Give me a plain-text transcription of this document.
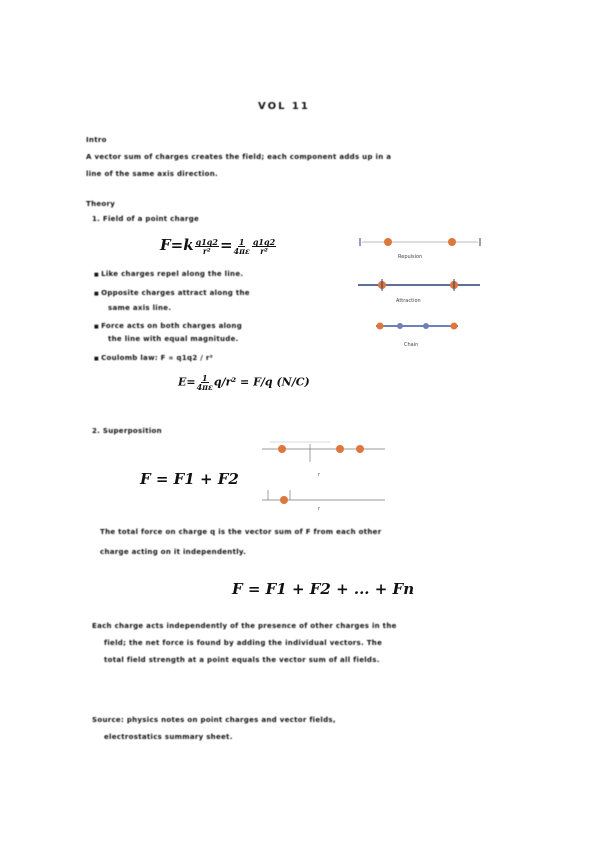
VOL 11
Intro
A vector sum of charges creates the field; each component adds up in a
line of the same axis direction.
Theory
1. Field of a point charge
$F=k \frac{q1q2}{\text{r²}} = \frac{1}{4\pi\varepsilon} \frac{q1q2}{\text{r²}}$
■ Like charges repel along the line.
■ Opposite charges attract along the
same axis line.
■ Force acts on both charges along
the line with equal magnitude.
■ Coulomb law: F ∝ q1q2 / r²
$E= \frac{1}{4\pi\varepsilon} q/r^2 = F/q$ (N/C)
Repulsion
Attraction
Chain
2. Superposition
F = F1 + F2	r
r
The total force on charge q is the vector sum of F from each other
charge acting on it independently.
F = F1 + F2 + ... + Fn
Each charge acts independently of the presence of other charges in the
field; the net force is found by adding the individual vectors. The
total field strength at a point equals the vector sum of all fields.
Source: physics notes on point charges and vector fields,
electrostatics summary sheet.
